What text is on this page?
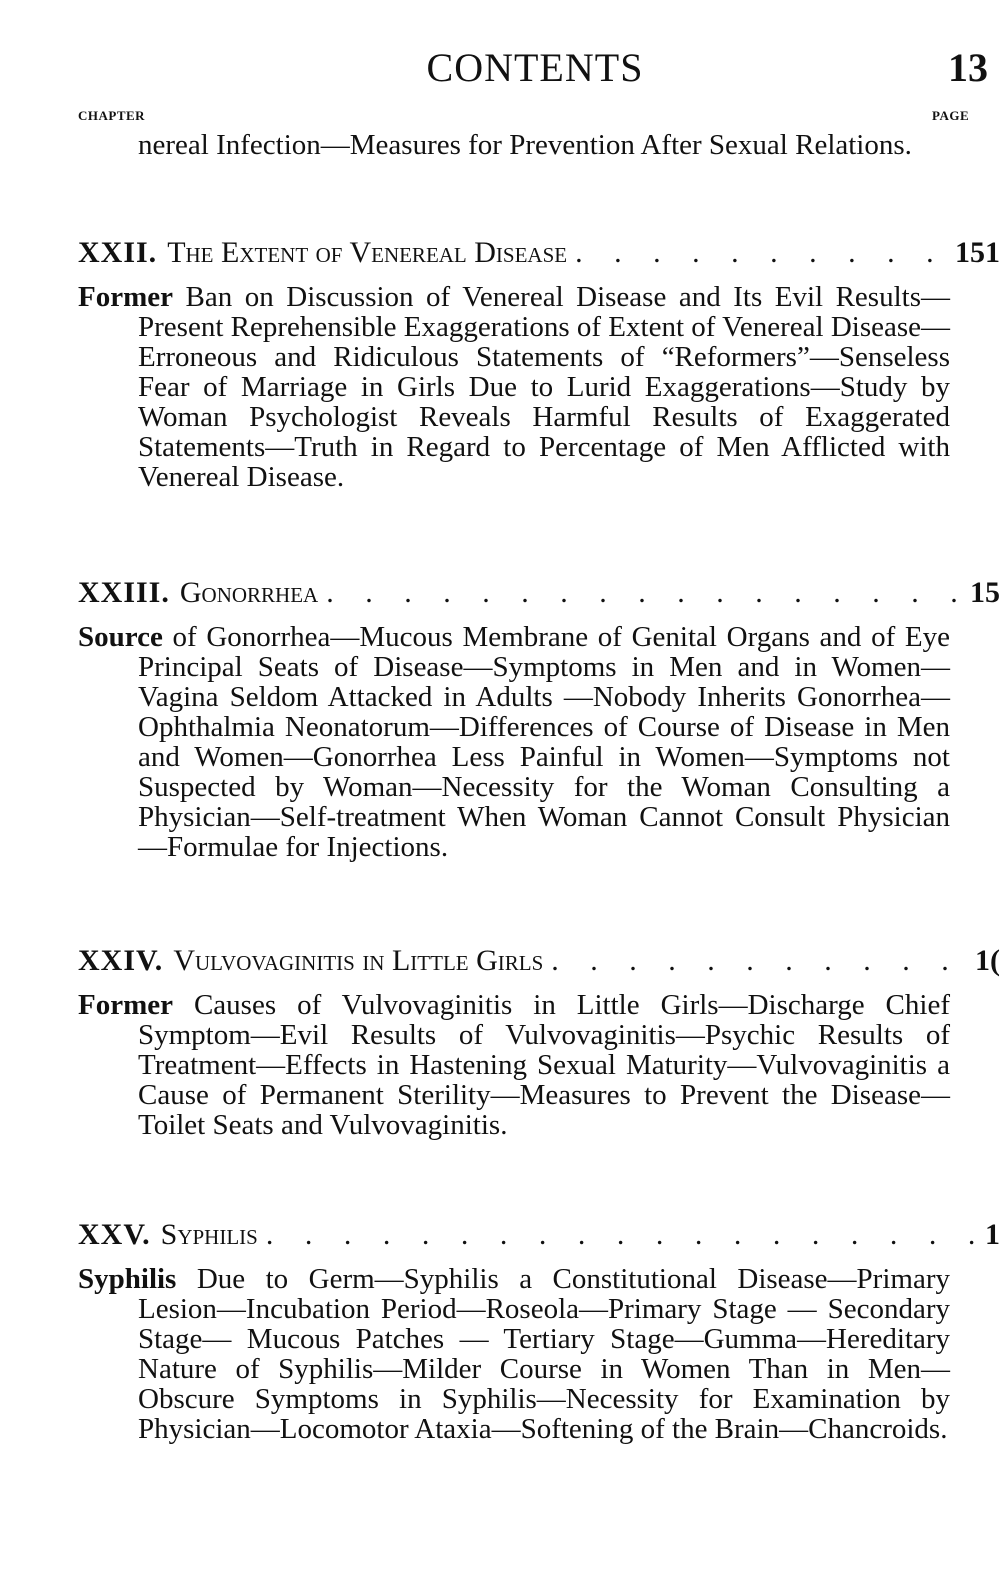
CONTENTS	13
CHAPTER	PAGE
nereal Infection—Measures for Prevention After Sexual Relations.
XXII. The Extent of Venereal Disease . . .	151
Former Ban on Discussion of Venereal Disease and Its Evil Results—Present Reprehensible Exaggerations of Extent of Venereal Disease—Erroneous and Ridiculous Statements of “Reformers”—Senseless Fear of Marriage in Girls Due to Lurid Exaggerations—Study by Woman Psychologist Reveals Harmful Results of Exaggerated Statements—Truth in Regard to Percentage of Men Afflicted with Venereal Disease.
XXIII. Gonorrhea . . .	15
Source of Gonorrhea—Mucous Membrane of Genital Organs and of Eye Principal Seats of Disease—Symptoms in Men and in Women—Vagina Seldom Attacked in Adults —Nobody Inherits Gonorrhea—Ophthalmia Neonatorum—Differences of Course of Disease in Men and Women—Gonorrhea Less Painful in Women—Symptoms not Suspected by Woman—Necessity for the Woman Consulting a Physician—Self-treatment When Woman Cannot Consult Physician—Formulae for Injections.
XXIV. Vulvovaginitis in Little Girls . . .	1(
Former Causes of Vulvovaginitis in Little Girls—Discharge Chief Symptom—Evil Results of Vulvovaginitis—Psychic Results of Treatment—Effects in Hastening Sexual Maturity—Vulvovaginitis a Cause of Permanent Sterility—Measures to Prevent the Disease—Toilet Seats and Vulvovaginitis.
XXV. Syphilis . . .	1
Syphilis Due to Germ—Syphilis a Constitutional Disease—Primary Lesion—Incubation Period—Roseola—Primary Stage — Secondary Stage— Mucous Patches — Tertiary Stage—Gumma—Hereditary Nature of Syphilis—Milder Course in Women Than in Men—Obscure Symptoms in Syphilis—Necessity for Examination by Physician—Locomotor Ataxia—Softening of the Brain—Chancroids.
